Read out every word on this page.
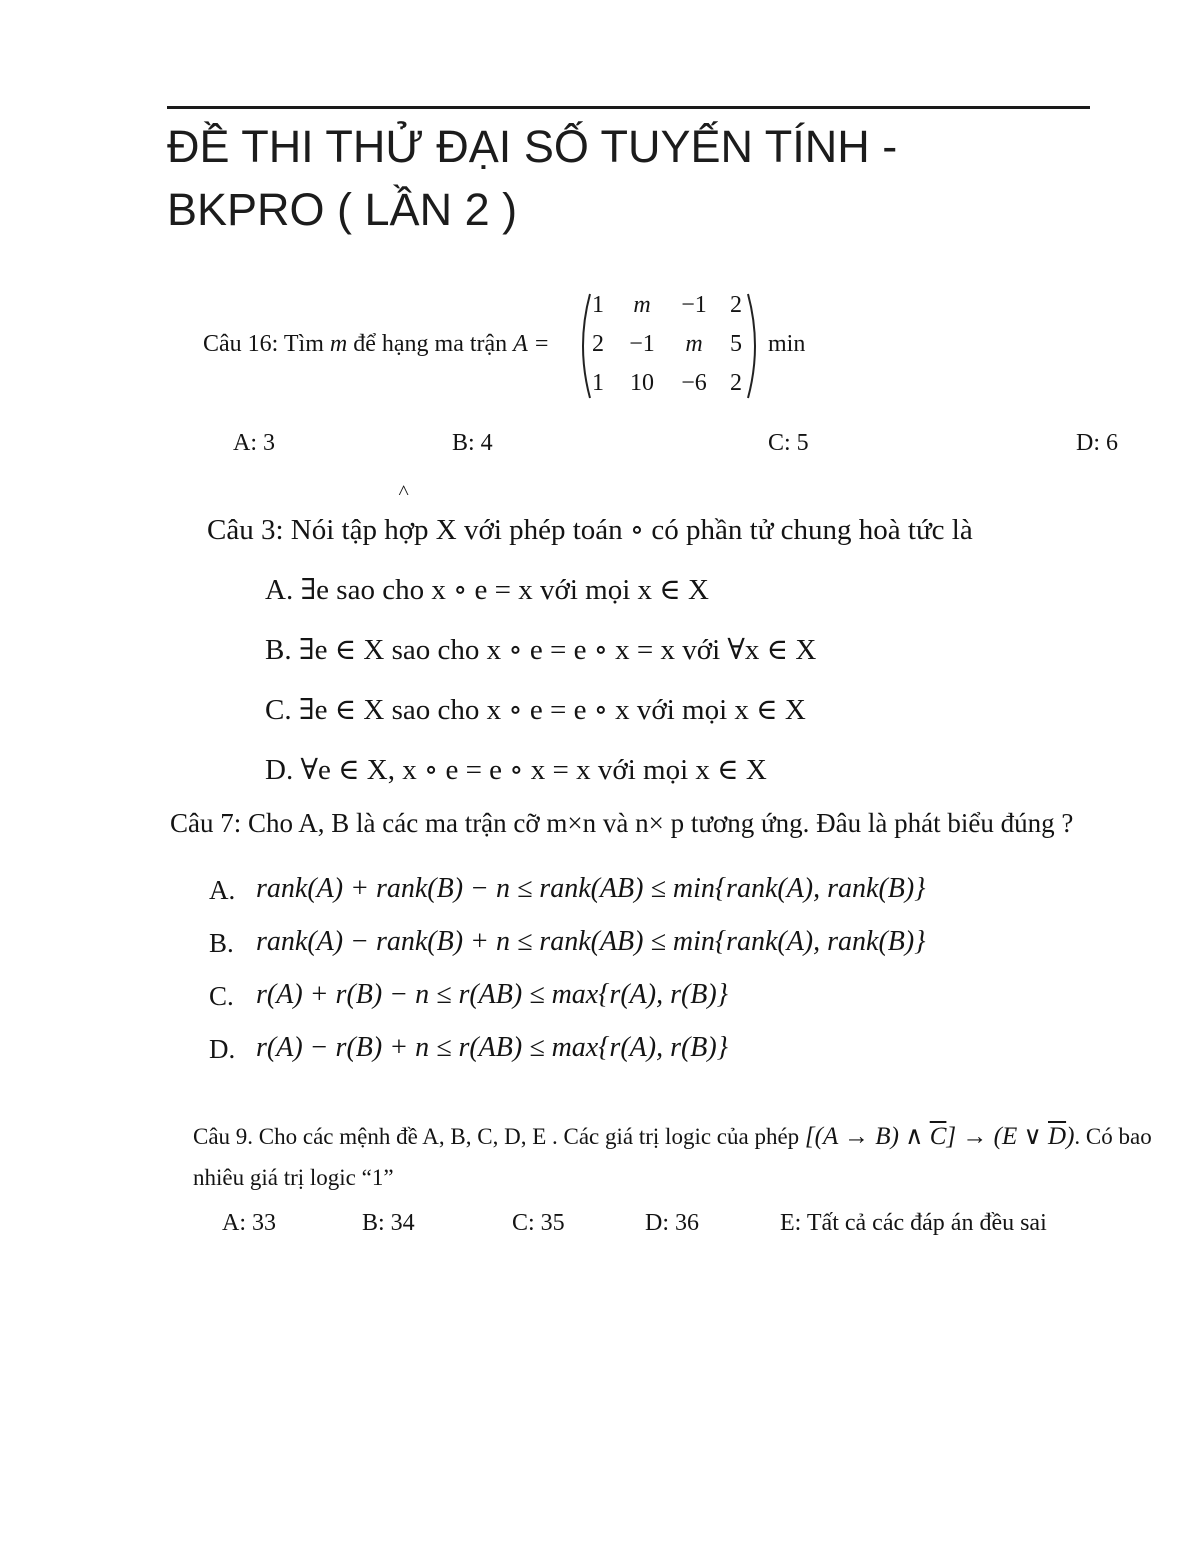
ĐỀ THI THỬ ĐẠI SỐ TUYẾN TÍNH -
BKPRO ( LẦN 2 )
Câu 16: Tìm m để hạng ma trận A =
1	m	−1 2
2	−1	m	5
1	10	−6 2
min
A: 3	B: 4	C: 5	D: 6
˄
Câu 3: Nói tập hợp X với phép toán ∘ có phần tử chung hoà tức là
A. ∃e sao cho x ∘ e = x với mọi x ∈ X
B. ∃e ∈ X sao cho x ∘ e = e ∘ x = x với ∀x ∈ X
C. ∃e ∈ X sao cho x ∘ e = e ∘ x với mọi x ∈ X
D. ∀e ∈ X, x ∘ e = e ∘ x = x với mọi x ∈ X
Câu 7: Cho A, B là các ma trận cỡ m×n và n× p tương ứng. Đâu là phát biểu đúng ?
A. rank(A) + rank(B) − n ≤ rank(AB) ≤ min{rank(A), rank(B)}
B. rank(A) − rank(B) + n ≤ rank(AB) ≤ min{rank(A), rank(B)}
C. r(A) + r(B) − n ≤ r(AB) ≤ max{r(A), r(B)}
D. r(A) − r(B) + n ≤ r(AB) ≤ max{r(A), r(B)}
Câu 9. Cho các mệnh đề A, B, C, D, E . Các giá trị logic của phép [(A → B) ∧ $\overline{C}] \to (E$ ∨ $\overline{D}$). Có bao
nhiêu giá trị logic “1”
A: 33	B: 34	C: 35	D: 36	E: Tất cả các đáp án đều sai
